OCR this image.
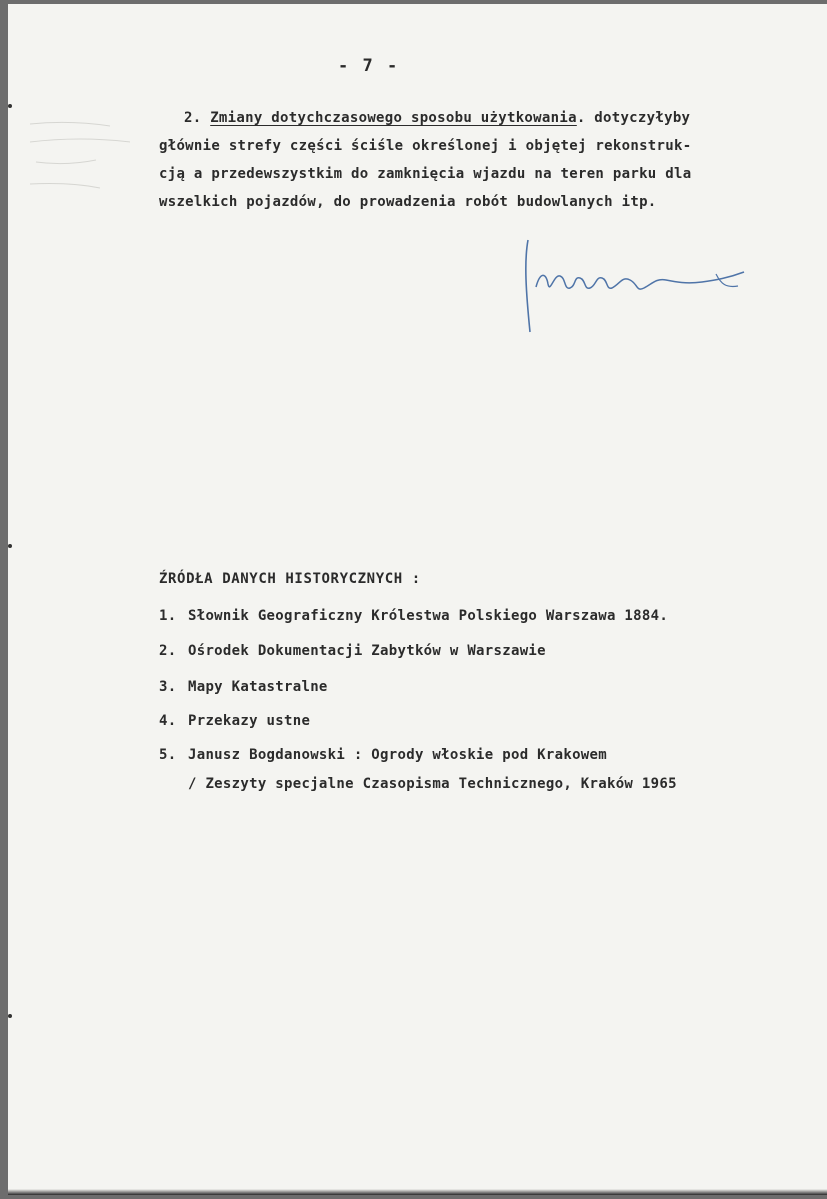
- 7 -
2. Zmiany dotychczasowego sposobu użytkowania. dotyczyłyby
głównie strefy części ściśle określonej i objętej rekonstruk-
cją a przedewszystkim do zamknięcia wjazdu na teren parku dla
wszelkich pojazdów, do prowadzenia robót budowlanych itp.
ŹRÓDŁA DANYCH HISTORYCZNYCH :
1. Słownik Geograficzny Królestwa Polskiego Warszawa 1884.
2. Ośrodek Dokumentacji Zabytków w Warszawie
3. Mapy Katastralne
4. Przekazy ustne
5. Janusz Bogdanowski : Ogrody włoskie pod Krakowem
/ Zeszyty specjalne Czasopisma Technicznego, Kraków 1965
